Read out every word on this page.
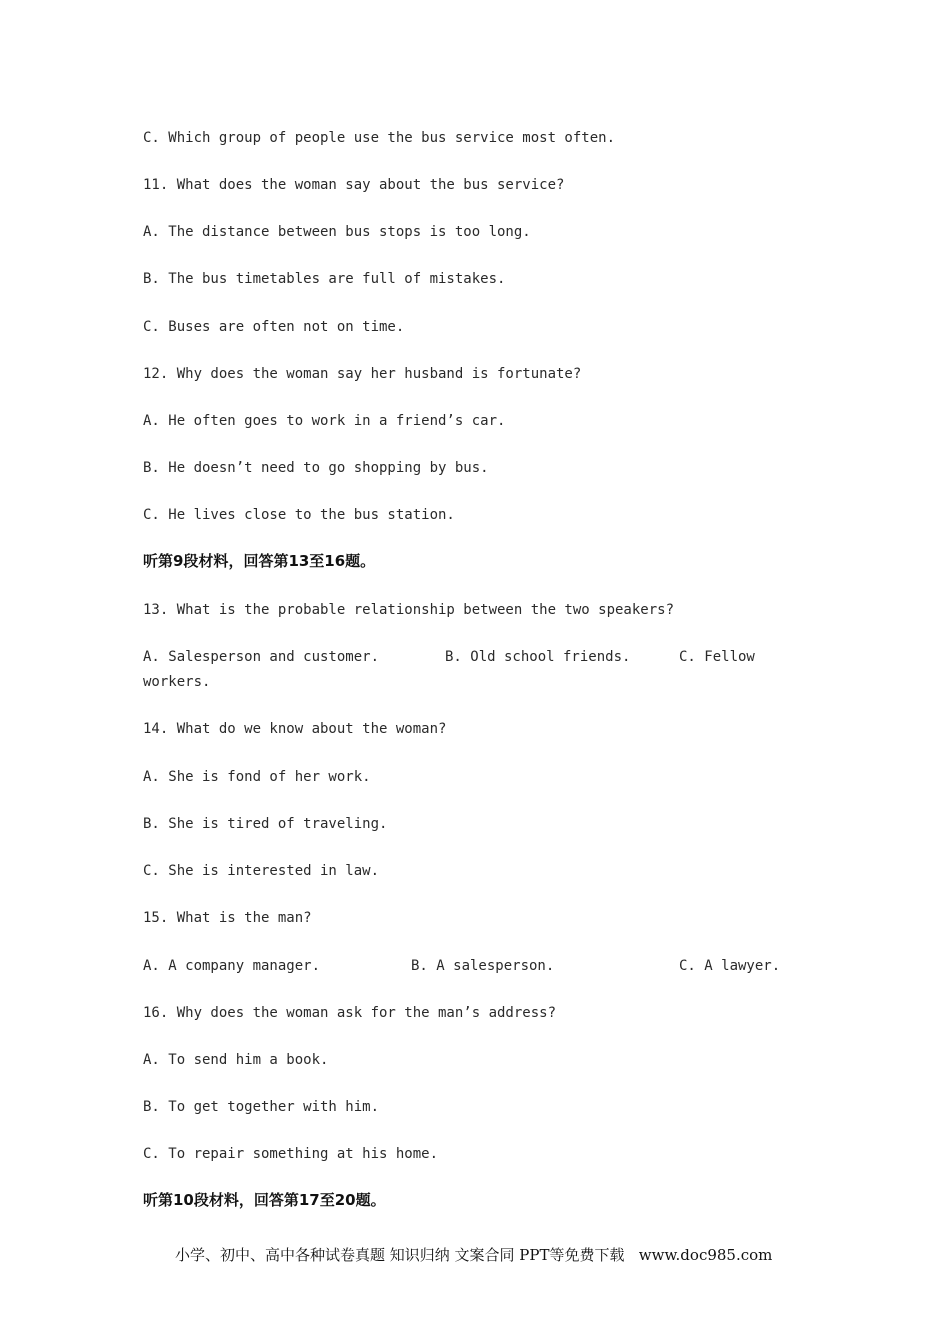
C. Which group of people use the bus service most often.
11. What does the woman say about the bus service?
A. The distance between bus stops is too long.
B. The bus timetables are full of mistakes.
C. Buses are often not on time.
12. Why does the woman say her husband is fortunate?
A. He often goes to work in a friend’s car.
B. He doesn’t need to go shopping by bus.
C. He lives close to the bus station.
听第9段材料，回答第13至16题。
13. What is the probable relationship between the two speakers?

A. Salesperson and customer.

	B. Old school friends.

	C. Fellow

workers.
14. What do we know about the woman?
A. She is fond of her work.
B. She is tired of traveling.
C. She is interested in law.
15. What is the man?

A. A company manager.

	B. A salesperson.

	C. A lawyer.

16. Why does the woman ask for the man’s address?
A. To send him a book.
B. To get together with him.
C. To repair something at his home.
听第10段材料，回答第17至20题。
小学、初中、高中各种试卷真题 知识归纳 文案合同 PPT等免费下载   www.doc985.com
